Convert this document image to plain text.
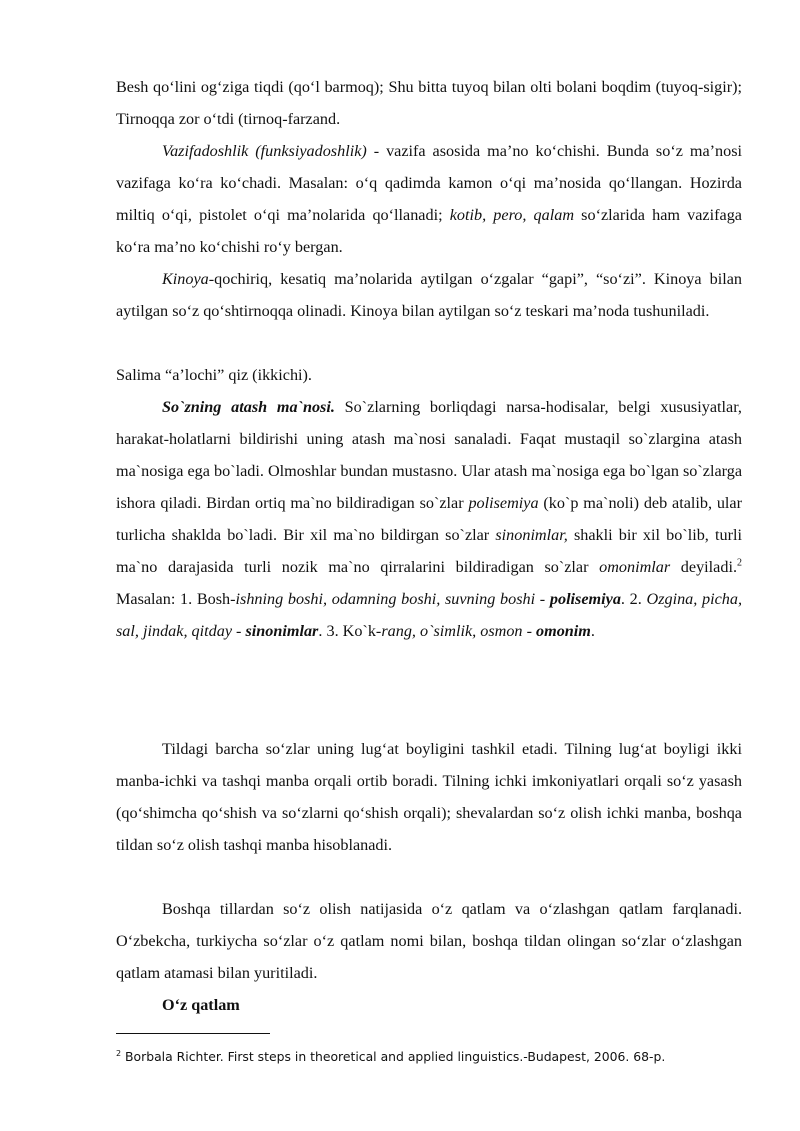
Besh qo‘lini og‘ziga tiqdi (qo‘l barmoq); Shu bitta tuyoq bilan olti bolani boqdim (tuyoq-sigir); Tirnoqqa zor o‘tdi (tirnoq-farzand.

Vazifadoshlik (funksiyadoshlik) - vazifa asosida ma’no ko‘chishi. Bunda so‘z ma’nosi vazifaga ko‘ra ko‘chadi. Masalan: o‘q qadimda kamon o‘qi ma’nosida qo‘llangan. Hozirda miltiq o‘qi, pistolet o‘qi ma’nolarida qo‘llanadi; kotib, pero, qalam so‘zlarida ham vazifaga ko‘ra ma’no ko‘chishi ro‘y bergan.

Kinoya-qochiriq, kesatiq ma’nolarida aytilgan o‘zgalar “gapi”, “so‘zi”. Kinoya bilan aytilgan so‘z qo‘shtirnoqqa olinadi. Kinoya bilan aytilgan so‘z teskari ma’noda tushuniladi.

Salima “a’lochi” qiz (ikkichi).

So`zning atash ma`nosi. So`zlarning borliqdagi narsa-hodisalar, belgi xususiyatlar, harakat-holatlarni bildirishi uning atash ma`nosi sanaladi. Faqat mustaqil so`zlargina atash ma`nosiga ega bo`ladi. Olmoshlar bundan mustasno. Ular atash ma`nosiga ega bo`lgan so`zlarga ishora qiladi. Birdan ortiq ma`no bildiradigan so`zlar polisemiya (ko`p ma`noli) deb atalib, ular turlicha shaklda bo`ladi. Bir xil ma`no bildirgan so`zlar sinonimlar, shakli bir xil bo`lib, turli ma`no darajasida turli nozik ma`no qirralarini bildiradigan so`zlar omonimlar deyiladi.$^2$ Masalan: 1. Bosh-ishning boshi, odamning boshi, suvning boshi - polisemiya. 2. Ozgina, picha, sal, jindak, qitday - sinonimlar. 3. Ko`k-rang, o`simlik, osmon - omonim.

Tildagi barcha so‘zlar uning lug‘at boyligini tashkil etadi. Tilning lug‘at boyligi ikki manba-ichki va tashqi manba orqali ortib boradi. Tilning ichki imkoniyatlari orqali so‘z yasash (qo‘shimcha qo‘shish va so‘zlarni qo‘shish orqali); shevalardan so‘z olish ichki manba, boshqa tildan so‘z olish tashqi manba hisoblanadi.

Boshqa tillardan so‘z olish natijasida o‘z qatlam va o‘zlashgan qatlam farqlanadi. O‘zbekcha, turkiycha so‘zlar o‘z qatlam nomi bilan, boshqa tildan olingan so‘zlar o‘zlashgan qatlam atamasi bilan yuritiladi.

O‘z qatlam

$^2$ Borbala Richter. First steps in theoretical and applied linguistics.-Budapest, 2006. 68-p.
